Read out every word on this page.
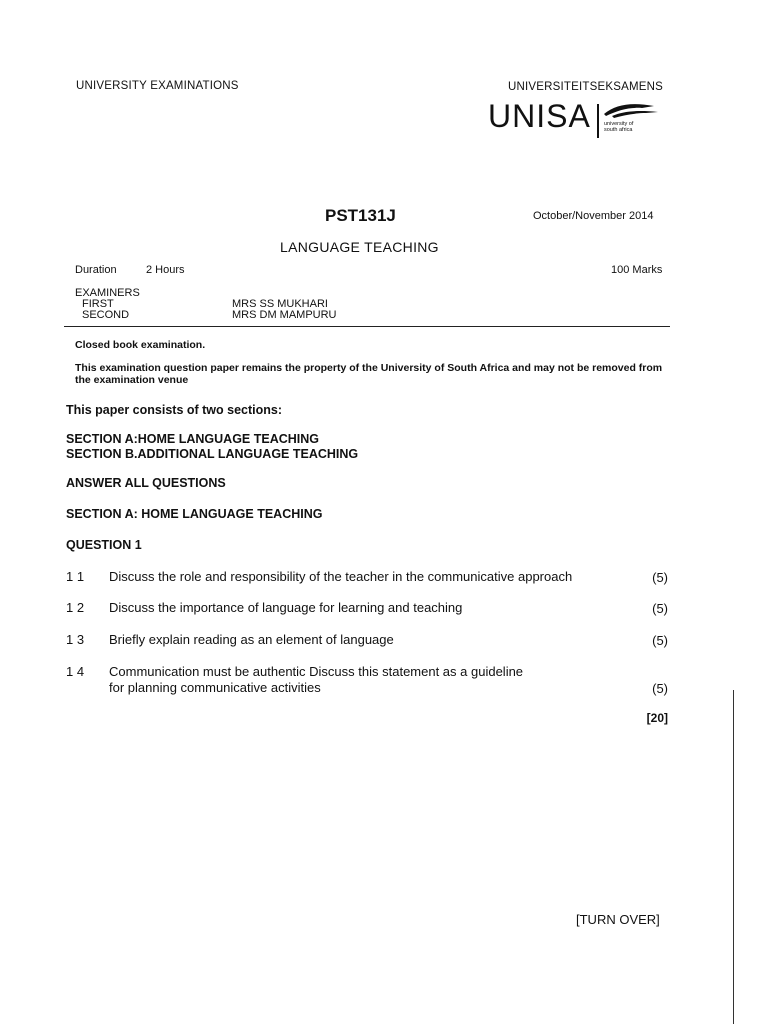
UNIVERSITY EXAMINATIONS	UNIVERSITEITSEKSAMENS
UNISA university of south africa
PST131J	October/November 2014
LANGUAGE TEACHING
Duration	2 Hours	100 Marks
EXAMINERS
FIRST	MRS SS MUKHARI
SECOND	MRS DM MAMPURU
Closed book examination.
This examination question paper remains the property of the University of South Africa and may not be removed from the examination venue
This paper consists of two sections:
SECTION A:HOME LANGUAGE TEACHING
SECTION B.ADDITIONAL LANGUAGE TEACHING
ANSWER ALL QUESTIONS
SECTION A: HOME LANGUAGE TEACHING
QUESTION 1
1 1 Discuss the role and responsibility of the teacher in the communicative approach	(5)
1 2 Discuss the importance of language for learning and teaching	(5)
1 3 Briefly explain reading as an element of language	(5)
1 4 Communication must be authentic Discuss this statement as a guideline
for planning communicative activities	(5)
[20]
[TURN OVER]
